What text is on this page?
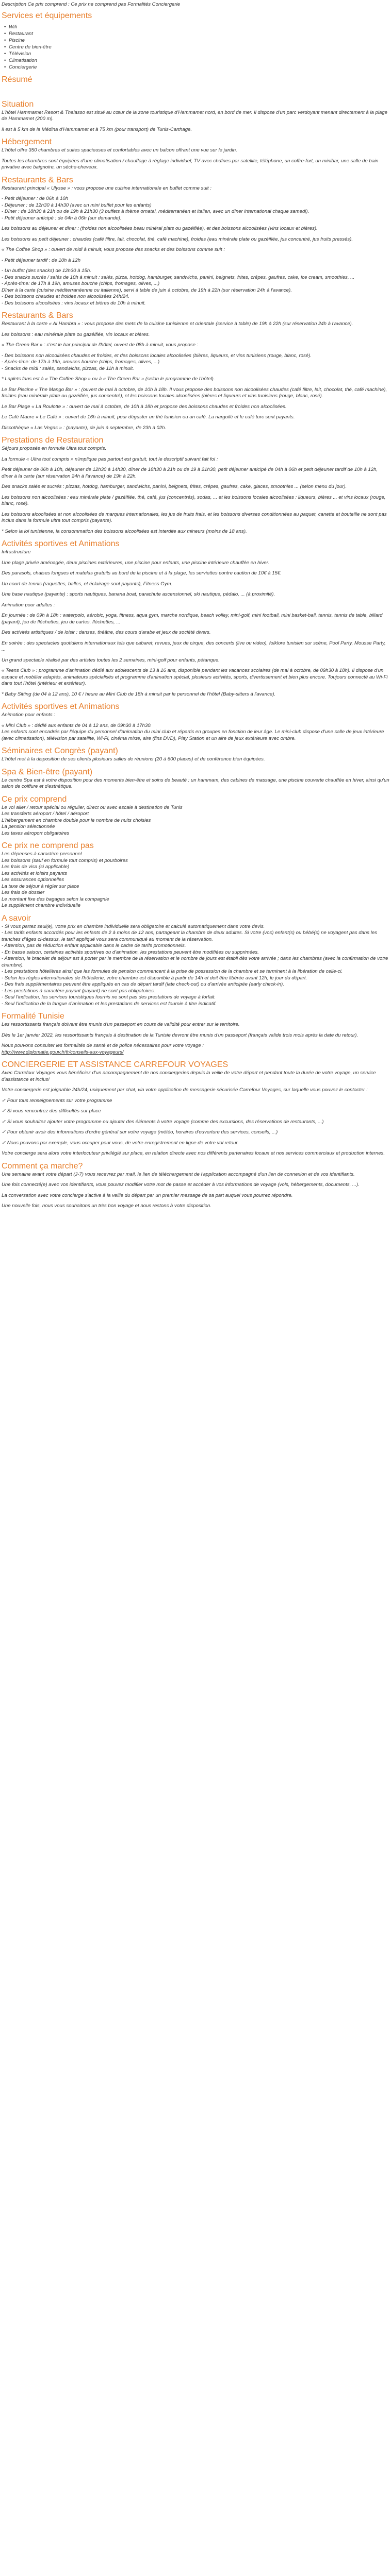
Description Ce prix comprend : Ce prix ne comprend pas Formalités Conciergerie

Services et équipements
• Wifi
• Restaurant
• Piscine
• Centre de bien-être
• Télévision
• Climatisation
• Conciergerie
Résumé
Situation

L'hôtel Hammamet Resort & Thalasso est situé au cœur de la zone touristique d'Hammamet nord, en bord de mer. Il dispose d'un parc verdoyant menant directement à la plage de Hammamet (200 m).

Il est à 5 km de la Médina d'Hammamet et à 75 km (pour transport) de Tunis-Carthage.

Hébergement

L'hôtel offre 350 chambres et suites spacieuses et confortables avec un balcon offrant une vue sur le jardin.

Toutes les chambres sont équipées d'une climatisation / chauffage à réglage individuel, TV avec chaînes par satellite, téléphone, un coffre-fort, un minibar, une salle de bain privative avec baignoire, un sèche-cheveux.

Restaurants & Bars

Restaurant principal « Ulysse » : vous propose une cuisine internationale en buffet comme suit :

- Petit déjeuner : de 06h à 10h

- Déjeuner : de 12h30 à 14h30 (avec un mini buffet pour les enfants)

- Dîner : de 18h30 à 21h ou de 19h à 21h30 (3 buffets à thème ornatal, méditerranéen et italien, avec un dîner international chaque samedi).

- Petit déjeuner anticipé : de 04h à 06h (sur demande).

Les boissons au déjeuner et dîner : (froides non alcoolisées beau minéral plats ou gazéifiée), et des boissons alcoolisées (vins locaux et bières).

Les boissons au petit déjeuner : chaudes (café filtre, lait, chocolat, thé, café machine), froides (eau minérale plate ou gazéifiée, jus concentré, jus fruits pressés).

« The Coffee Shop » : ouvert de midi à minuit, vous propose des snacks et des boissons comme suit :

- Petit déjeuner tardif : de 10h à 12h

- Un buffet (des snacks) de 12h30 à 15h.

- Des snacks sucrés / salés de 10h à minuit : salés, pizza, hotdog, hamburger, sandwichs, panini, beignets, frites, crêpes, gaufres, cake, ice cream, smoothies, ...

- Après-time: de 17h à 19h, amuses bouche (chips, fromages, olives, ...)

Dîner à la carte (cuisine méditerranéenne ou italienne), servi à table de juin à octobre, de 19h à 22h (sur réservation 24h à l'avance).

- Des boissons chaudes et froides non alcoolisées 24h/24.

- Des boissons alcoolisées : vins locaux et bières de 10h à minuit.

Restaurants & Bars

Restaurant à la carte « Al Hambra » : vous propose des mets de la cuisine tunisienne et orientale (service à table) de 19h à 22h (sur réservation 24h à l'avance).

Les boissons : eau minérale plate ou gazéifiée, vin locaux et bières.

« The Green Bar » : c'est le bar principal de l'hôtel, ouvert de 08h à minuit, vous propose :

- Des boissons non alcoolisées chaudes et froides, et des boissons locales alcoolisées (bières, liqueurs, et vins tunisiens (rouge, blanc, rosé).

- Après-time: de 17h à 19h, amuses bouche (chips, fromages, olives, ...)

- Snacks de midi : salés, sandwichs, pizzas, de 11h à minuit.

* Laplets fans est à « The Coffee Shop » ou à « The Green Bar » (selon le programme de l'hôtel).

Le Bar Piscine « The Mango Bar » : (ouvert de mai à octobre, de 10h à 18h. Il vous propose des boissons non alcoolisées chaudes (café filtre, lait, chocolat, thé, café machine), froides (eau minérale plate ou gazéifiée, jus concentré), et les boissons locales alcoolisées (bières et liqueurs et vins tunisiens (rouge, blanc, rosé).

Le Bar Plage « La Roulotte » : ouvert de mai à octobre, de 10h à 18h et propose des boissons chaudes et froides non alcoolisées.

Le Café Maure « Le Café » : ouvert de 16h à minuit, pour déguster un thé tunisien ou un café. La narguilé et le café turc sont payants.

Discothèque « Las Vegas » : (payante), de juin à septembre, de 23h à 02h.

Prestations de Restauration

Séjours proposés en formule Ultra tout compris.

La formule « Ultra tout compris » n'implique pas partout est gratuit, tout le descriptif suivant fait foi :

Petit déjeuner de 06h à 10h, déjeuner de 12h30 à 14h30, dîner de 18h30 à 21h ou de 19 à 21h30, petit déjeuner anticipé de 04h à 06h et petit déjeuner tardif de 10h à 12h, dîner à la carte (sur réservation 24h à l'avance) de 19h à 22h.

Des snacks salés et sucrés : pizzas, hotdog, hamburger, sandwichs, panini, beignets, frites, crêpes, gaufres, cake, glaces, smoothies ... (selon menu du jour).

Les boissons non alcoolisées : eau minérale plate / gazéifiée, thé, café, jus (concentrés), sodas, ... et les boissons locales alcoolisées : liqueurs, bières ... et vins locaux (rouge, blanc, rosé).

Les boissons alcoolisées et non alcoolisées de marques internationales, les jus de fruits frais, et les boissons diverses conditionnées au paquet, canette et bouteille ne sont pas inclus dans la formule ultra tout compris (payante).

* Selon la loi tunisienne, la consommation des boissons alcoolisées est interdite aux mineurs (moins de 18 ans).

Activités sportives et Animations

Infrastructure

Une plage privée aménagée, deux piscines extérieures, une piscine pour enfants, une piscine intérieure chauffée en hiver.

Des parasols, chaises longues et matelas gratuits au bord de la piscine et à la plage, les serviettes contre caution de 10€ à 15€.

Un court de tennis (raquettes, balles, et éclairage sont payants), Fitness Gym.

Une base nautique (payante) : sports nautiques, banana boat, parachute ascensionnel, ski nautique, pédalo, ... (à proximité).

Animation pour adultes :

En journée : de 09h à 18h : waterpolo, aérobic, yoga, fitness, aqua gym, marche nordique, beach volley, mini-golf, mini football, mini basket-ball, tennis, tennis de table, billard (payant), jeu de fléchettes, jeu de cartes, fléchettes, ...

Des activités artistiques / de loisir : danses, théâtre, des cours d'arabe et jeux de société divers.

En soirée : des spectacles quotidiens internationaux tels que cabaret, revues, jeux de cirque, des concerts (live ou video), folklore tunisien sur scène, Pool Party, Mousse Party, ...

Un grand spectacle réalisé par des artistes toutes les 2 semaines, mini-golf pour enfants, pétanque.

« Teens Club » : programme d'animation dédié aux adolescents de 13 à 16 ans, disponible pendant les vacances scolaires (de mai à octobre, de 09h30 à 18h). Il dispose d'un espace et mobilier adaptés, animateurs spécialisés et programme d'animation spécial, plusieurs activités, sports, divertissement et bien plus encore. Toujours connecté au Wi-Fi dans tout l'hôtel (intérieur et extérieur).

* Baby Sitting (de 04 à 12 ans), 10 € / heure au Mini Club de 18h à minuit par le personnel de l'hôtel (Baby-sitters à l'avance).

Activités sportives et Animations

Animation pour enfants :

« Mini Club » : dédié aux enfants de 04 à 12 ans, de 09h30 à 17h30.

Les enfants sont encadrés par l'équipe du personnel d'animation du mini club et répartis en groupes en fonction de leur âge. Le mini-club dispose d'une salle de jeux intérieure (avec climatisation), télévision par satellite, Wi-Fi, cinéma mixte, aire (fins DVD), Play Station et un aire de jeux extérieure avec ombre.

Séminaires et Congrès (payant)

L'hôtel met à la disposition de ses clients plusieurs salles de réunions (20 à 600 places) et de conférence bien équipées.

Spa & Bien-être (payant)

Le centre Spa est à votre disposition pour des moments bien-être et soins de beauté : un hammam, des cabines de massage, une piscine couverte chauffée en hiver, ainsi qu'un salon de coiffure et d'esthétique.

Ce prix comprend

Le vol aller / retour spécial ou régulier, direct ou avec escale à destination de Tunis

Les transferts aéroport / hôtel / aéroport

L'hébergement en chambre double pour le nombre de nuits choisies

La pension sélectionnée

Les taxes aéroport obligatoires

Ce prix ne comprend pas

Les dépenses à caractère personnel

Les boissons (sauf en formule tout compris) et pourboires

Les frais de visa (si applicable)

Les activités et loisirs payants

Les assurances optionnelles

La taxe de séjour à régler sur place

Les frais de dossier

Le montant fixe des bagages selon la compagnie

Le supplément chambre individuelle

A savoir

- Si vous partez seul(e), votre prix en chambre individuelle sera obligatoire et calculé automatiquement dans votre devis.

- Les tarifs enfants accordés pour les enfants de 2 à moins de 12 ans, partageant la chambre de deux adultes. Si votre (vos) enfant(s) ou bébé(s) ne voyagent pas dans les tranches d'âges ci-dessus, le tarif appliqué vous sera communiqué au moment de la réservation.

- Attention, pas de réduction enfant applicable dans le cadre de tarifs promotionnels.

- En basse saison, certaines activités sportives ou d'animation, les prestations peuvent être modifiées ou supprimées.

- Attention, le bracelet de séjour est à porter par le membre de la réservation et le nombre de jours est établi dès votre arrivée ; dans les chambres (avec la confirmation de votre chambre).

- Les prestations hôtelières ainsi que les formules de pension commencent à la prise de possession de la chambre et se terminent à la libération de celle-ci.

- Selon les règles internationales de l'hôtellerie, votre chambre est disponible à partir de 14h et doit être libérée avant 12h, le jour du départ.

- Des frais supplémentaires peuvent être appliqués en cas de départ tardif (late check-out) ou d'arrivée anticipée (early check-in).

- Les prestations à caractère payant (payant) ne sont pas obligatoires.

- Seul l'indication, les services touristiques fournis ne sont pas des prestations de voyage à forfait.

- Seul l'indication de la langue d'animation et les prestations de services est fournie à titre indicatif.

Formalité Tunisie

Les ressortissants français doivent être munis d'un passeport en cours de validité pour entrer sur le territoire.

Dès le 1er janvier 2022, les ressortissants français à destination de la Tunisie devront être munis d'un passeport (français valide trois mois après la date du retour).

Nous pouvons consulter les formalités de santé et de police nécessaires pour votre voyage :

http://www.diplomatie.gouv.fr/fr/conseils-aux-voyageurs/

CONCIERGERIE ET ASSISTANCE CARREFOUR VOYAGES

Avec Carrefour Voyages vous bénéficiez d'un accompagnement de nos conciergeries depuis la veille de votre départ et pendant toute la durée de votre voyage, un service d'assistance et inclus!

Votre conciergerie est joignable 24h/24, uniquement par chat, via votre application de messagerie sécurisée Carrefour Voyages, sur laquelle vous pouvez le contacter :

✓ Pour tous renseignements sur votre programme

✓ Si vous rencontrez des difficultés sur place

✓ Si vous souhaitez ajouter votre programme ou ajouter des éléments à votre voyage (comme des excursions, des réservations de restaurants, ...)

✓ Pour obtenir avoir des informations d'ordre général sur votre voyage (météo, horaires d'ouverture des services, conseils, ...)

✓ Nous pouvons par exemple, vous occuper pour vous, de votre enregistrement en ligne de votre vol retour.

Votre concierge sera alors votre interlocuteur privilégié sur place, en relation directe avec nos différents partenaires locaux et nos services commerciaux et production internes.

Comment ça marche?

Une semaine avant votre départ (J-7) vous recevrez par mail, le lien de téléchargement de l'application accompagné d'un lien de connexion et de vos identifiants.

Une fois connecté(e) avec vos identifiants, vous pouvez modifier votre mot de passe et accéder à vos informations de voyage (vols, hébergements, documents, ...).

La conversation avec votre concierge s'active à la veille du départ par un premier message de sa part auquel vous pourrez répondre.

Une nouvelle fois, nous vous souhaitons un très bon voyage et nous restons à votre disposition.
